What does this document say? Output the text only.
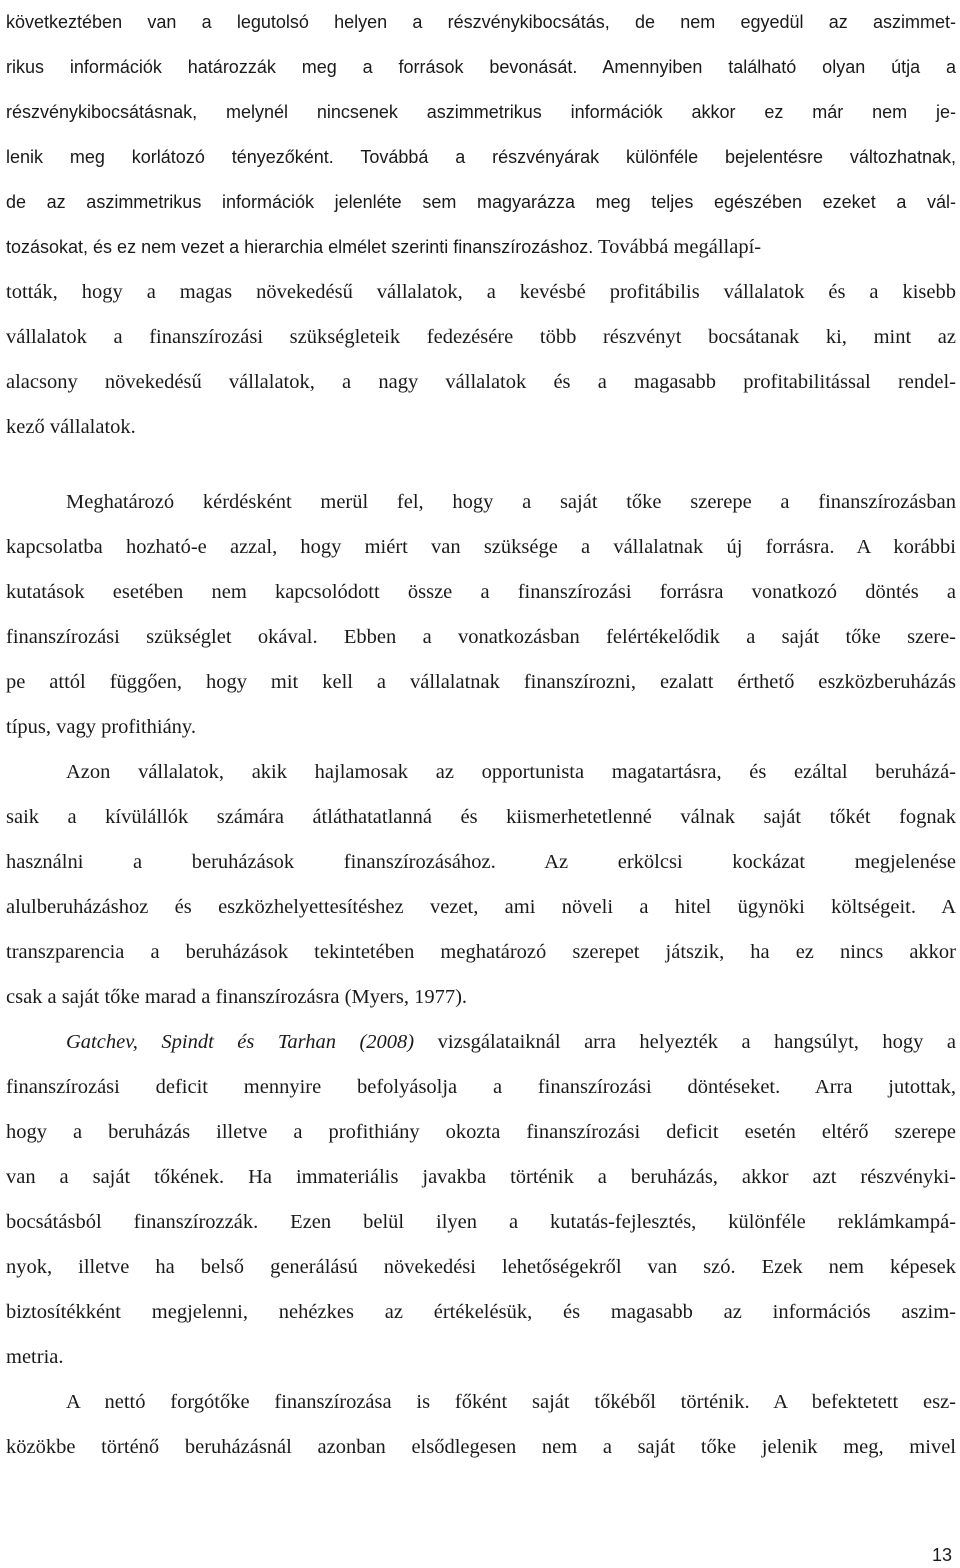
következtében van a legutolsó helyen a részvénykibocsátás, de nem egyedül az aszimmet-
rikus információk határozzák meg a források bevonását. Amennyiben található olyan útja a
részvénykibocsátásnak, melynél nincsenek aszimmetrikus információk akkor ez már nem je-
lenik meg korlátozó tényezőként. Továbbá a részvényárak különféle bejelentésre változhatnak,
de az aszimmetrikus információk jelenléte sem magyarázza meg teljes egészében ezeket a vál-
tozásokat, és ez nem vezet a hierarchia elmélet szerinti finanszírozáshoz. Továbbá megállapí-
tották, hogy a magas növekedésű vállalatok, a kevésbé profitábilis vállalatok és a kisebb
vállalatok a finanszírozási szükségleteik fedezésére több részvényt bocsátanak ki, mint az
alacsony növekedésű vállalatok, a nagy vállalatok és a magasabb profitabilitással rendel-
kező vállalatok.
Meghatározó kérdésként merül fel, hogy a saját tőke szerepe a finanszírozásban
kapcsolatba hozható-e azzal, hogy miért van szüksége a vállalatnak új forrásra. A korábbi
kutatások esetében nem kapcsolódott össze a finanszírozási forrásra vonatkozó döntés a
finanszírozási szükséglet okával. Ebben a vonatkozásban felértékelődik a saját tőke szere-
pe attól függően, hogy mit kell a vállalatnak finanszírozni, ezalatt érthető eszközberuházás
típus, vagy profithiány.
Azon vállalatok, akik hajlamosak az opportunista magatartásra, és ezáltal beruházá-
saik a kívülállók számára átláthatatlanná és kiismerhetetlenné válnak saját tőkét fognak
használni a beruházások finanszírozásához. Az erkölcsi kockázat megjelenése
alulberuházáshoz és eszközhelyettesítéshez vezet, ami növeli a hitel ügynöki költségeit. A
transzparencia a beruházások tekintetében meghatározó szerepet játszik, ha ez nincs akkor
csak a saját tőke marad a finanszírozásra (Myers, 1977).
Gatchev, Spindt és Tarhan (2008) vizsgálataiknál arra helyezték a hangsúlyt, hogy a
finanszírozási deficit mennyire befolyásolja a finanszírozási döntéseket. Arra jutottak,
hogy a beruházás illetve a profithiány okozta finanszírozási deficit esetén eltérő szerepe
van a saját tőkének. Ha immateriális javakba történik a beruházás, akkor azt részvényki-
bocsátásból finanszírozzák. Ezen belül ilyen a kutatás-fejlesztés, különféle reklámkampá-
nyok, illetve ha belső generálású növekedési lehetőségekről van szó. Ezek nem képesek
biztosítékként megjelenni, nehézkes az értékelésük, és magasabb az információs aszim-
metria.
A nettó forgótőke finanszírozása is főként saját tőkéből történik. A befektetett esz-
közökbe történő beruházásnál azonban elsődlegesen nem a saját tőke jelenik meg, mivel
13
